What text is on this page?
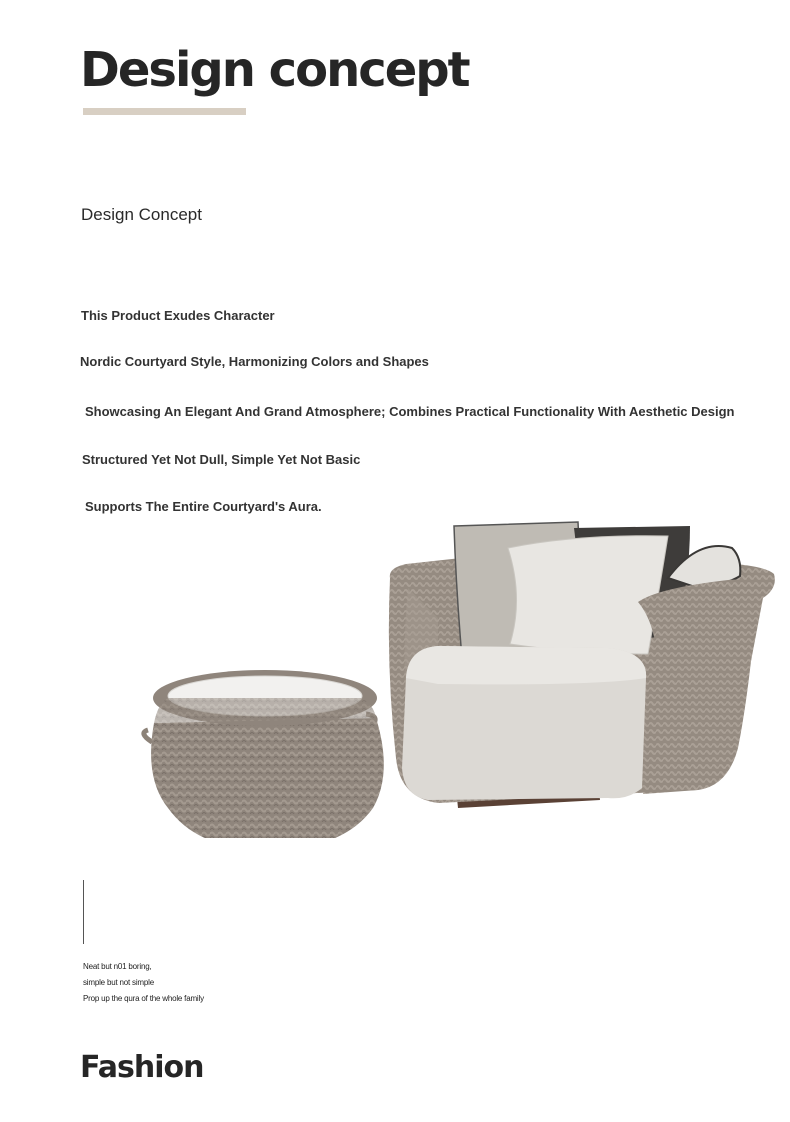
Design concept
Design Concept
This Product Exudes Character
Nordic Courtyard Style, Harmonizing Colors and Shapes
Showcasing An Elegant And Grand Atmosphere; Combines Practical Functionality With Aesthetic Design
Structured Yet Not Dull, Simple Yet Not Basic
Supports The Entire Courtyard's Aura.
Neat but n01 boring,
simple but not simple
Prop up the qura of the whole family
Fashion
